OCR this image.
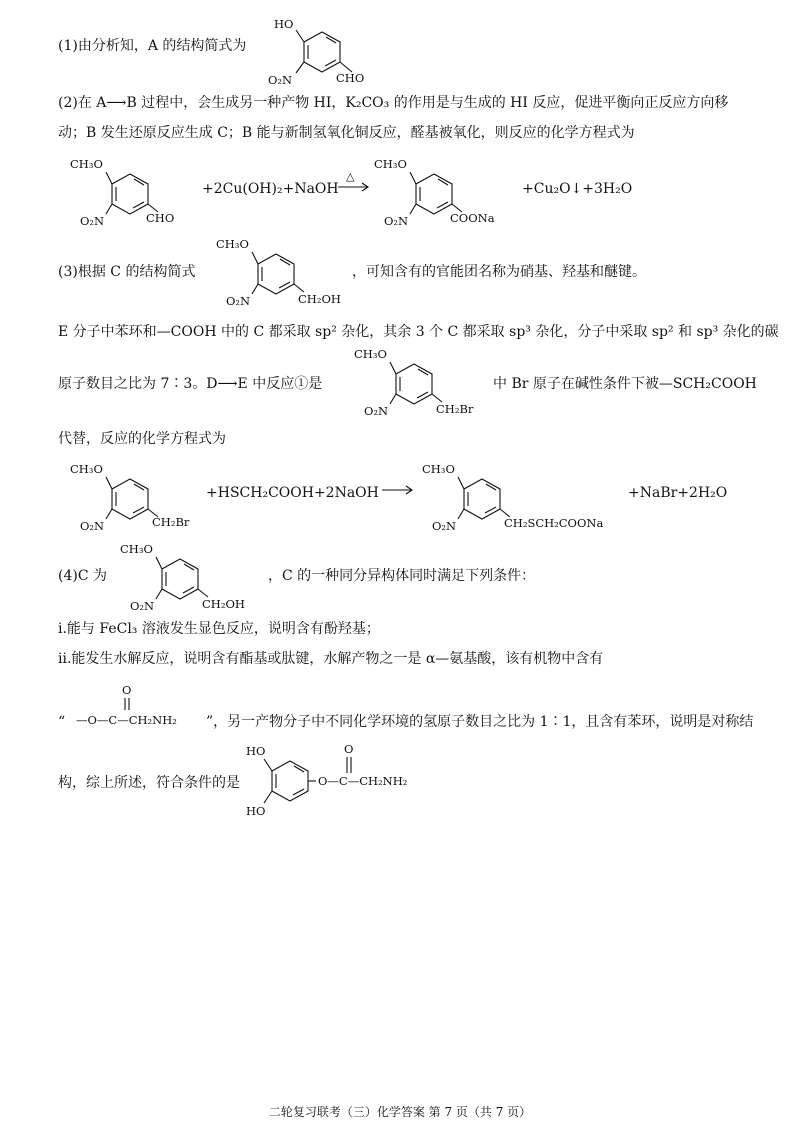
(1)由分析知，A 的结构简式为
HO
O₂N	CHO
(2)在 A⟶B 过程中，会生成另一种产物 HI，K₂CO₃ 的作用是与生成的 HI 反应，促进平衡向正反应方向移
动；B 发生还原反应生成 C；B 能与新制氢氧化铜反应，醛基被氧化，则反应的化学方程式为
CH₃O
O₂N	CHO
+2Cu(OH)₂+NaOH
△
CH₃O
O₂N	COONa
+Cu₂O↓+3H₂O
(3)根据 C 的结构简式
CH₃O
O₂N	CH₂OH
，可知含有的官能团名称为硝基、羟基和醚键。
E 分子中苯环和—COOH 中的 C 都采取 sp² 杂化，其余 3 个 C 都采取 sp³ 杂化，分子中采取 sp² 和 sp³ 杂化的碳
原子数目之比为 7∶3。D⟶E 中反应①是
CH₃O
O₂N	CH₂Br
中 Br 原子在碱性条件下被—SCH₂COOH
代替，反应的化学方程式为
CH₃O
O₂N	CH₂Br
+HSCH₂COOH+2NaOH →
CH₃O
O₂N	CH₂SCH₂COONa
+NaBr+2H₂O
(4)C 为
CH₃O
O₂N	CH₂OH
，C 的一种同分异构体同时满足下列条件：
ⅰ.能与 FeCl₃ 溶液发生显色反应，说明含有酚羟基；
ⅱ.能发生水解反应，说明含有酯基或肽键，水解产物之一是 α—氨基酸，该有机物中含有
“
O
—O—C—CH₂NH₂ ”，另一产物分子中不同化学环境的氢原子数目之比为 1∶1，且含有苯环，说明是对称结
构，综上所述，符合条件的是
HO
HO
O
O—C—CH₂NH₂
二轮复习联考（三）化学答案 第 7 页（共 7 页）
